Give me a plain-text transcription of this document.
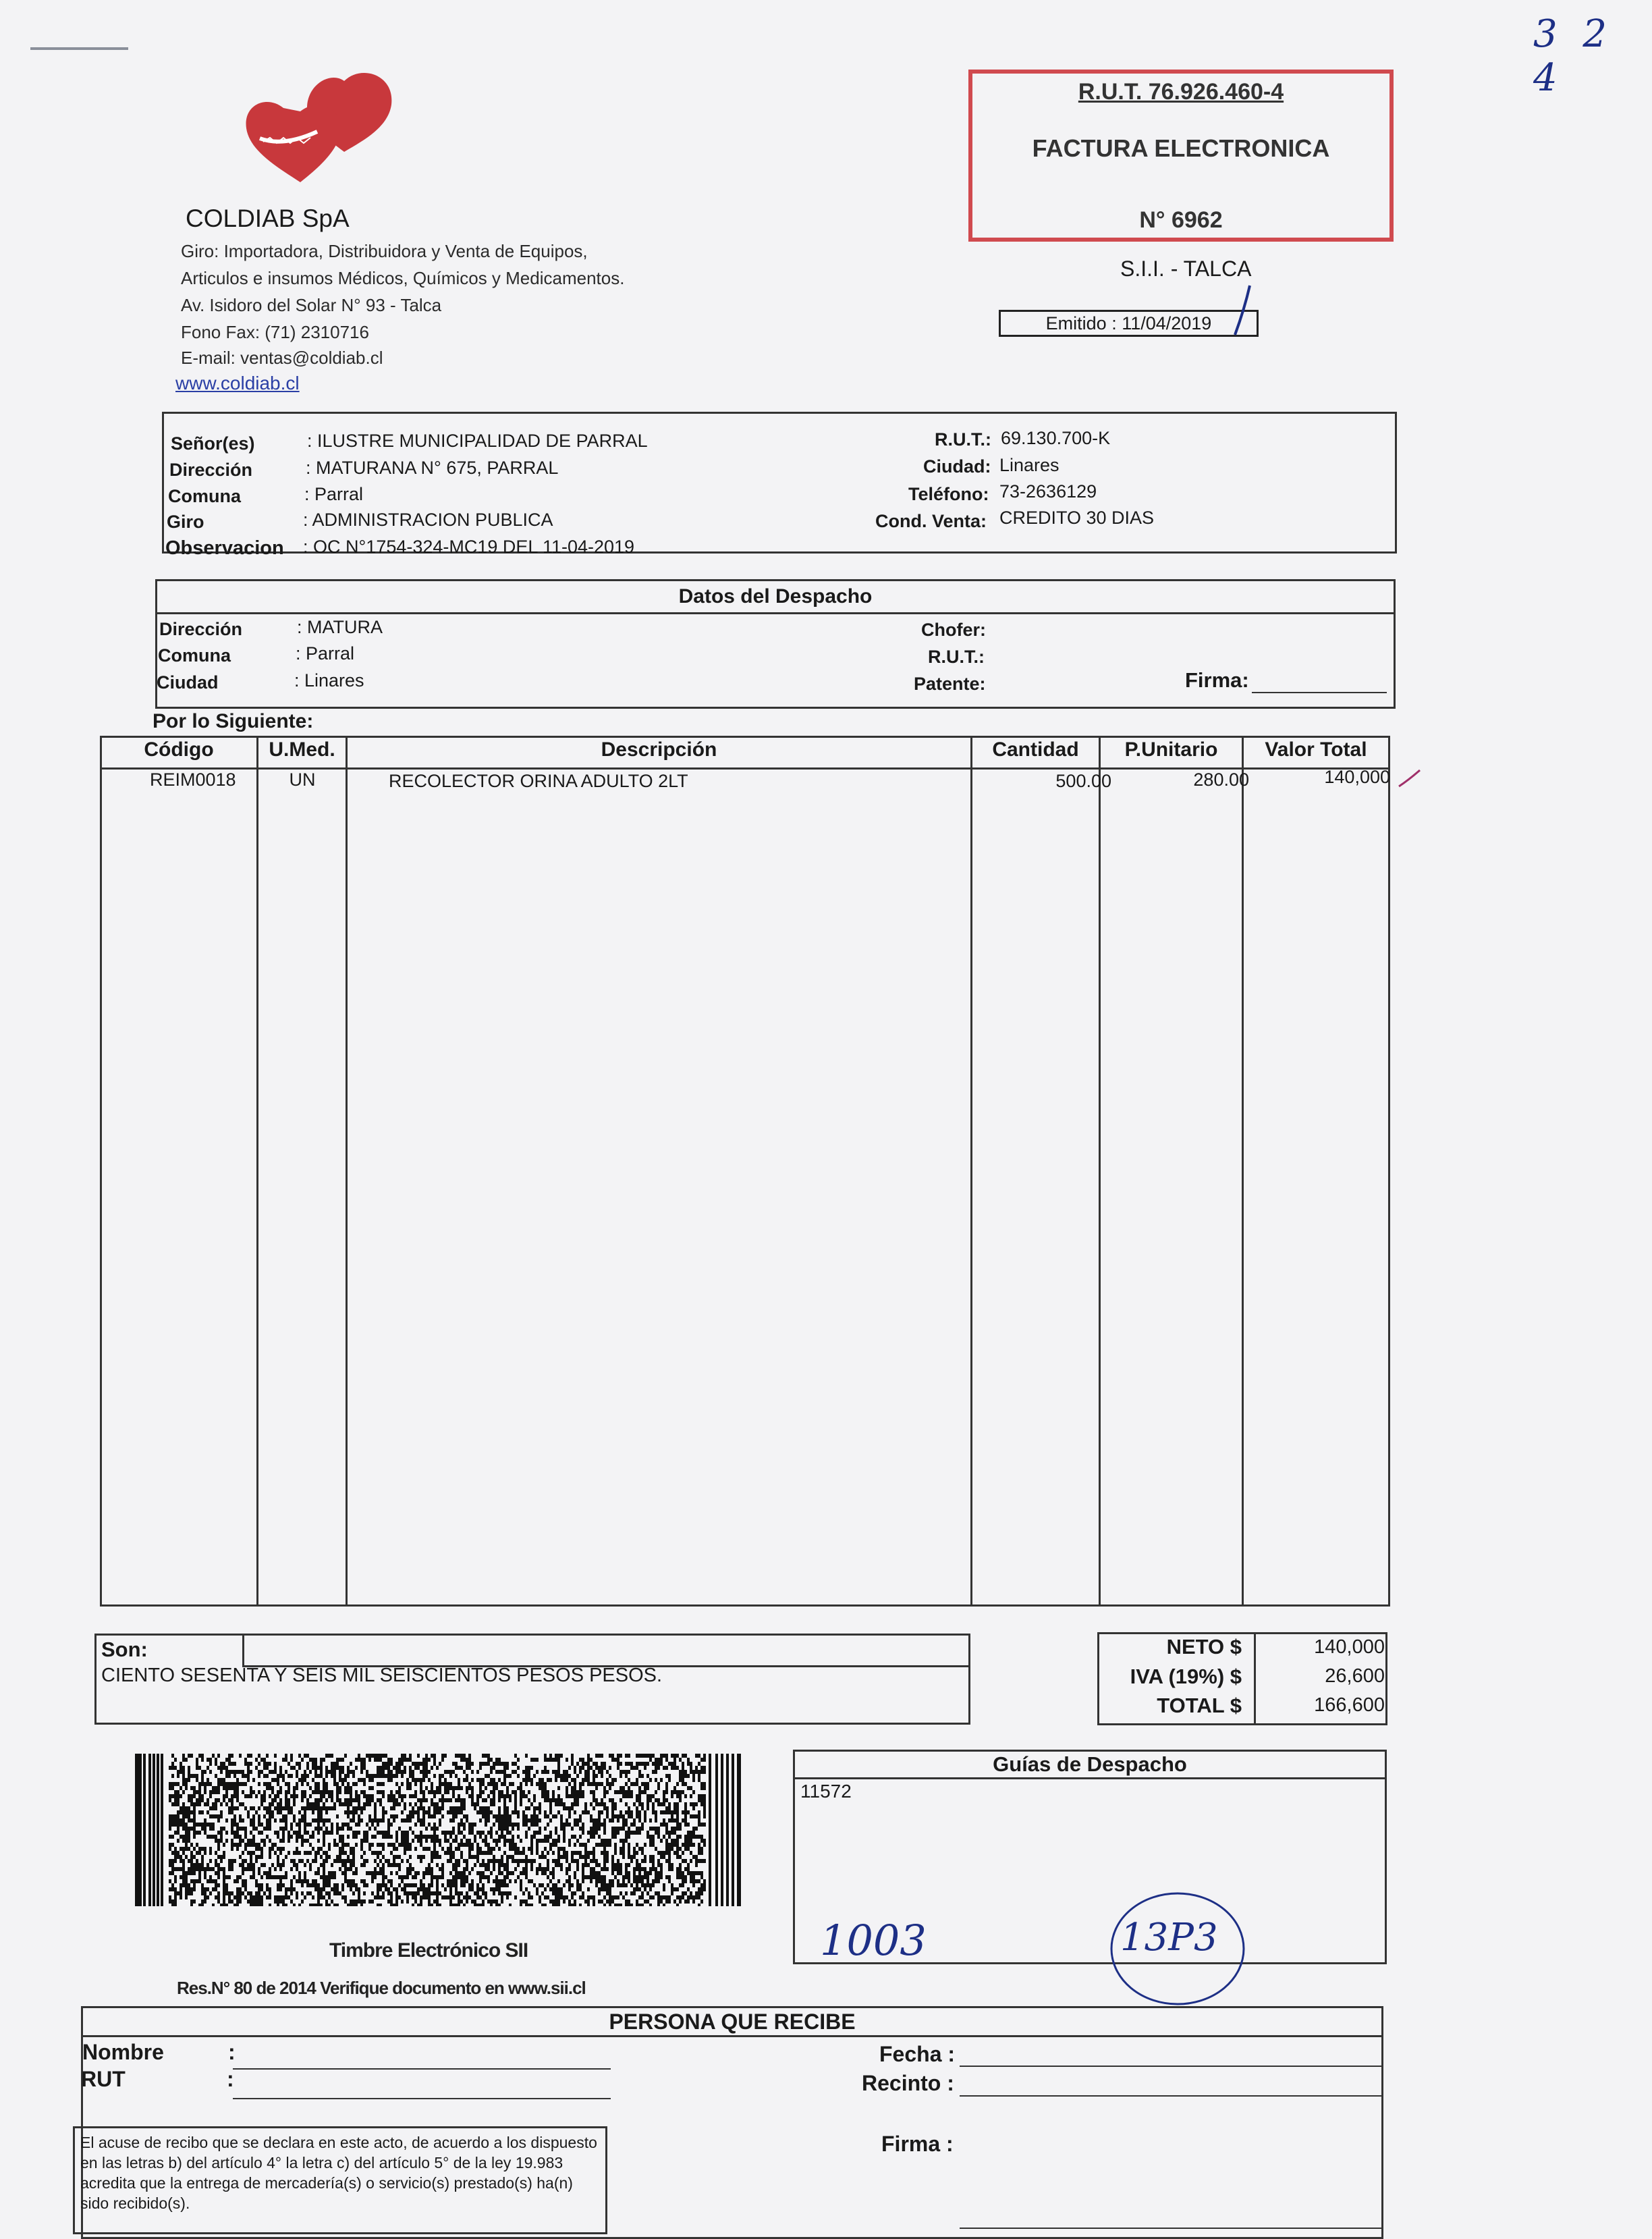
3 2 4
COLDIAB SpA
Giro: Importadora, Distribuidora y Venta de Equipos,
Articulos e insumos Médicos, Químicos y Medicamentos.
Av. Isidoro del Solar N° 93 - Talca
Fono Fax: (71) 2310716
E-mail: ventas@coldiab.cl
www.coldiab.cl
R.U.T. 76.926.460-4
FACTURA ELECTRONICA
N° 6962
S.I.I. - TALCA
Emitido : 11/04/2019
Señor(es)	: ILUSTRE MUNICIPALIDAD DE PARRAL
Dirección	: MATURANA N° 675, PARRAL
Comuna	: Parral
Giro	: ADMINISTRACION PUBLICA
Observacion : OC N°1754-324-MC19 DEL 11-04-2019
R.U.T.: 69.130.700-K
Ciudad: Linares
Teléfono: 73-2636129
Cond. Venta: CREDITO 30 DIAS
Datos del Despacho
Dirección	: MATURA
Comuna	: Parral
Ciudad	: Linares
Chofer:
R.U.T.:
Patente:	Firma:
Por lo Siguiente:
Código	U.Med.	Descripción	Cantidad	P.Unitario	Valor Total
REIM0018	UN	RECOLECTOR ORINA ADULTO 2LT	500.00	280.00	140,000
Son:
CIENTO SESENTA Y SEIS MIL SEISCIENTOS PESOS PESOS.
NETO $	140,000
IVA (19%) $	26,600
TOTAL $	166,600
Timbre Electrónico SII
Res.N° 80 de 2014 Verifique documento en www.sii.cl
Guías de Despacho
11572
1003	13P3
PERSONA QUE RECIBE
Nombre	:
RUT	:
Fecha :
Recinto :
Firma :
El acuse de recibo que se declara en este acto, de acuerdo a los dispuesto en las letras b) del artículo 4° la letra c) del artículo 5° de la ley 19.983 acredita que la entrega de mercadería(s) o servicio(s) prestado(s) ha(n) sido recibido(s).
